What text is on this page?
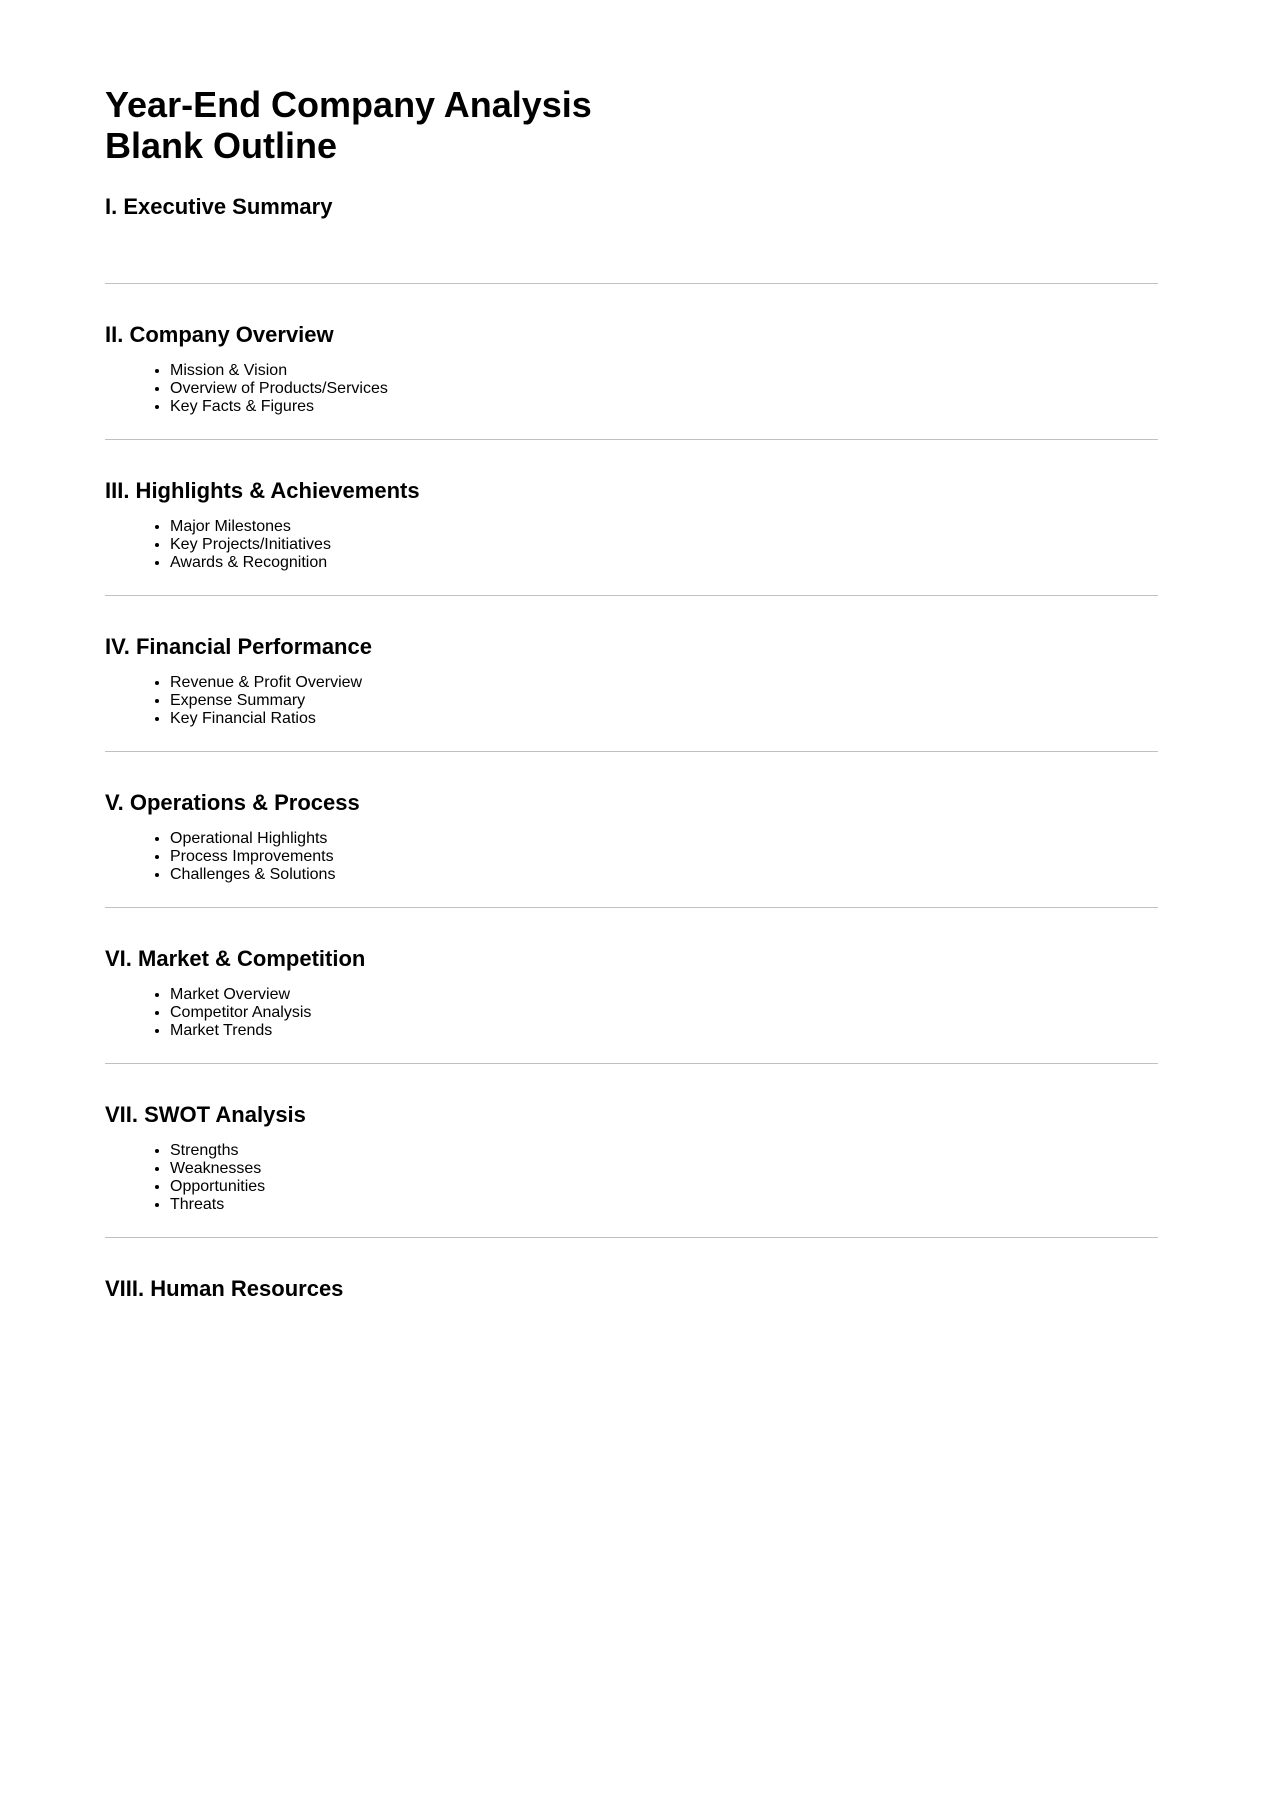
Year-End Company Analysis
Blank Outline
I. Executive Summary
II. Company Overview
• Mission & Vision
• Overview of Products/Services
• Key Facts & Figures
III. Highlights & Achievements
• Major Milestones
• Key Projects/Initiatives
• Awards & Recognition
IV. Financial Performance
• Revenue & Profit Overview
• Expense Summary
• Key Financial Ratios
V. Operations & Process
• Operational Highlights
• Process Improvements
• Challenges & Solutions
VI. Market & Competition
• Market Overview
• Competitor Analysis
• Market Trends
VII. SWOT Analysis
• Strengths
• Weaknesses
• Opportunities
• Threats
VIII. Human Resources
